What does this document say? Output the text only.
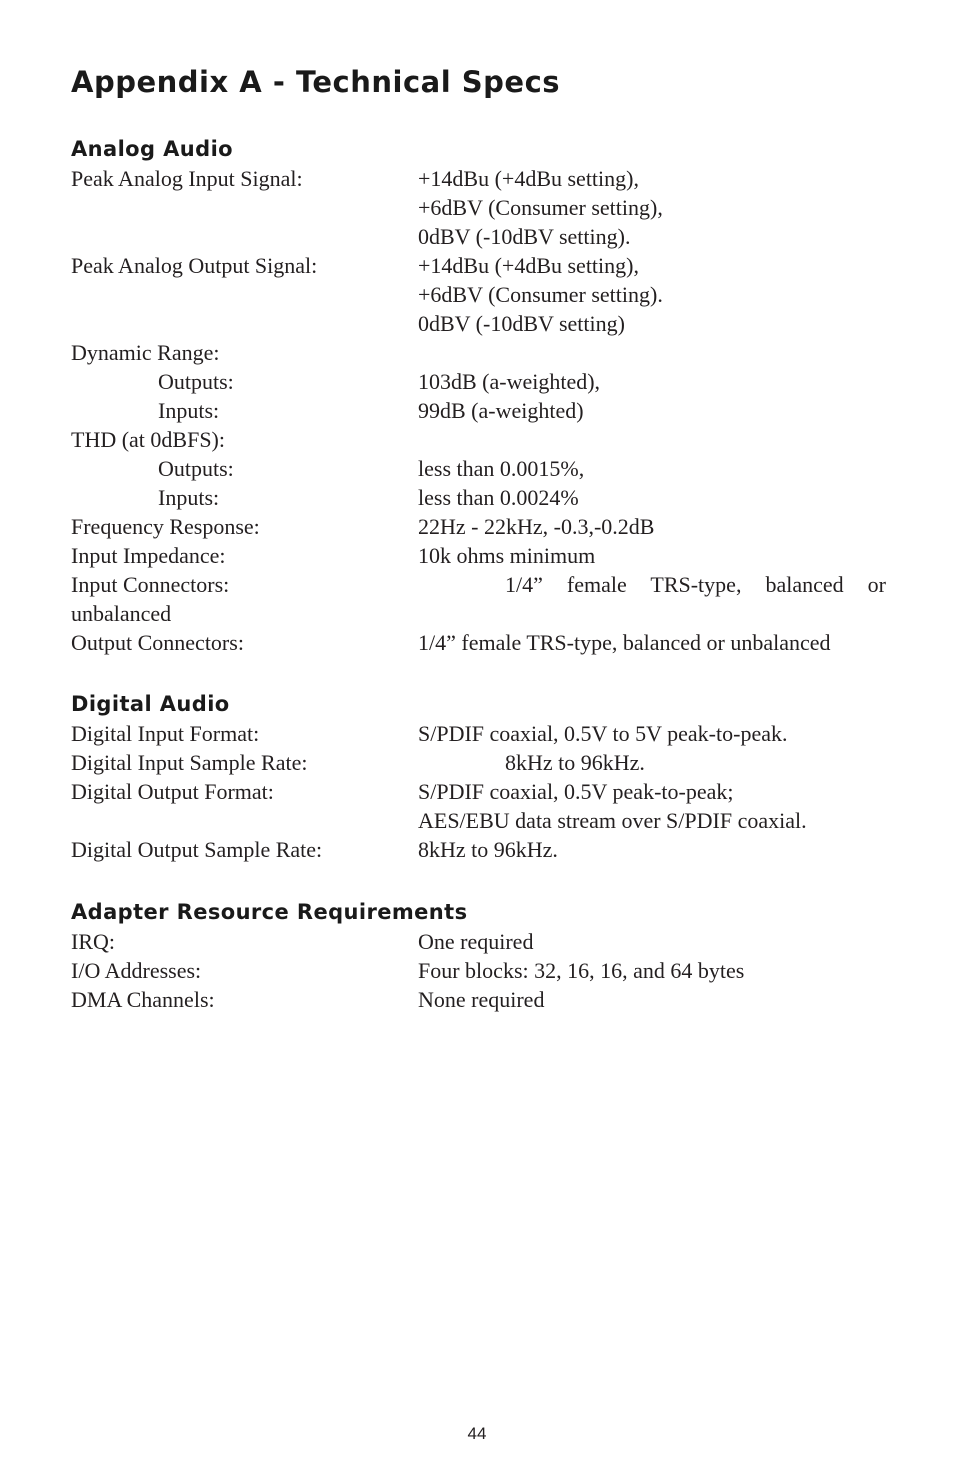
Appendix A - Technical Specs
Analog Audio
Peak Analog Input Signal:	+14dBu (+4dBu setting),
+6dBV (Consumer setting),
0dBV (-10dBV setting).
Peak Analog Output Signal:	+14dBu (+4dBu setting),
+6dBV (Consumer setting).
0dBV (-10dBV setting)
Dynamic Range:
Outputs:	103dB (a-weighted),
Inputs:	99dB (a-weighted)
THD (at 0dBFS):
Outputs:	less than 0.0015%,
Inputs:	less than 0.0024%
Frequency Response:	22Hz - 22kHz, -0.3,-0.2dB
Input Impedance:	10k ohms minimum
Input Connectors:	1/4” female TRS-type, balanced or
unbalanced
Output Connectors:	1/4” female TRS-type, balanced or unbalanced
Digital Audio
Digital Input Format:	S/PDIF coaxial, 0.5V to 5V peak-to-peak.
Digital Input Sample Rate:	8kHz to 96kHz.
Digital Output Format:	S/PDIF coaxial, 0.5V peak-to-peak;
AES/EBU data stream over S/PDIF coaxial.
Digital Output Sample Rate:	8kHz to 96kHz.
Adapter Resource Requirements
IRQ:	One required
I/O Addresses:	Four blocks: 32, 16, 16, and 64 bytes
DMA Channels:	None required
44
